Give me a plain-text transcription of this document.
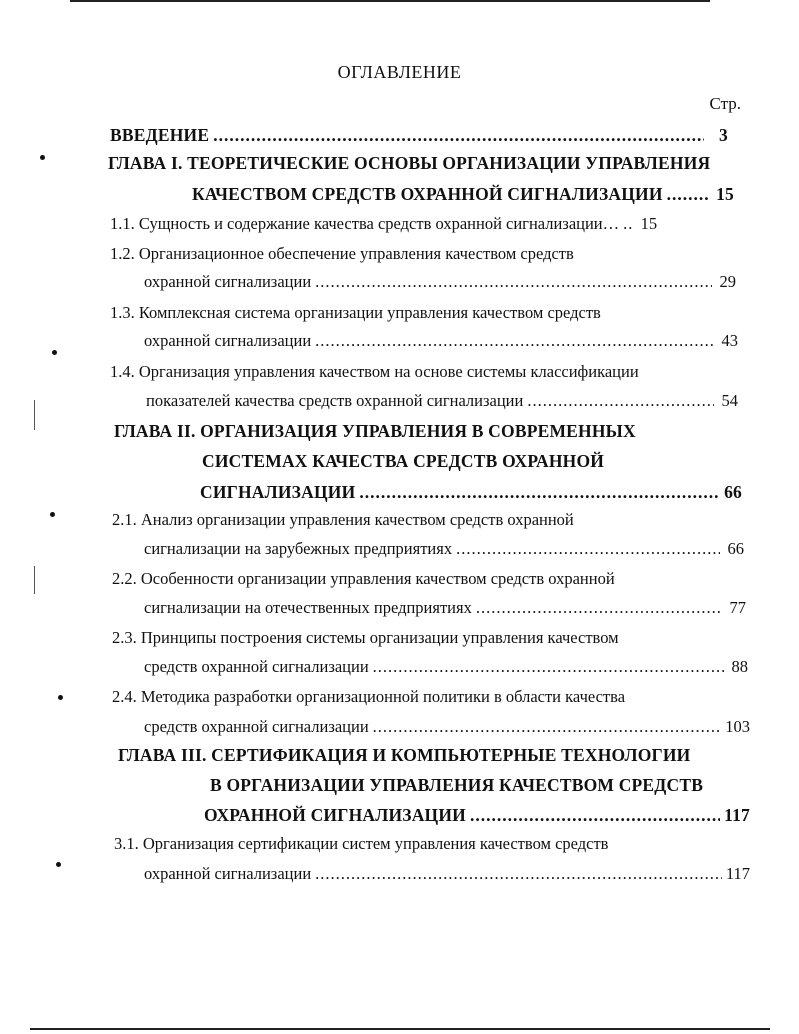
ОГЛАВЛЕНИЕ
Стр.
ВВЕДЕНИЕ .....	3
ГЛАВА I. ТЕОРЕТИЧЕСКИЕ ОСНОВЫ ОРГАНИЗАЦИИ УПРАВЛЕНИЯ
КАЧЕСТВОМ СРЕДСТВ ОХРАННОЙ СИГНАЛИЗАЦИИ .....	15
1.1. Сущность и содержание качества средств охранной сигнализации… ..... 15
1.2. Организационное обеспечение управления качеством средств
охранной сигнализации .....	29
1.3. Комплексная система организации управления качеством средств
охранной сигнализации .....	43
1.4. Организация управления качеством на основе системы классификации
показателей качества средств охранной сигнализации .....	54
ГЛАВА II. ОРГАНИЗАЦИЯ УПРАВЛЕНИЯ В СОВРЕМЕННЫХ
СИСТЕМАХ КАЧЕСТВА СРЕДСТВ ОХРАННОЙ
СИГНАЛИЗАЦИИ .....	66
2.1. Анализ организации управления качеством средств охранной
сигнализации на зарубежных предприятиях .....	66
2.2. Особенности организации управления качеством средств охранной
сигнализации на отечественных предприятиях .....	77
2.3. Принципы построения системы организации управления качеством
средств охранной сигнализации .....	88
2.4. Методика разработки организационной политики в области качества
средств охранной сигнализации .....	103
ГЛАВА III. СЕРТИФИКАЦИЯ И КОМПЬЮТЕРНЫЕ ТЕХНОЛОГИИ
В ОРГАНИЗАЦИИ УПРАВЛЕНИЯ КАЧЕСТВОМ СРЕДСТВ
ОХРАННОЙ СИГНАЛИЗАЦИИ .....	117
3.1. Организация сертификации систем управления качеством средств
охранной сигнализации .....	117
